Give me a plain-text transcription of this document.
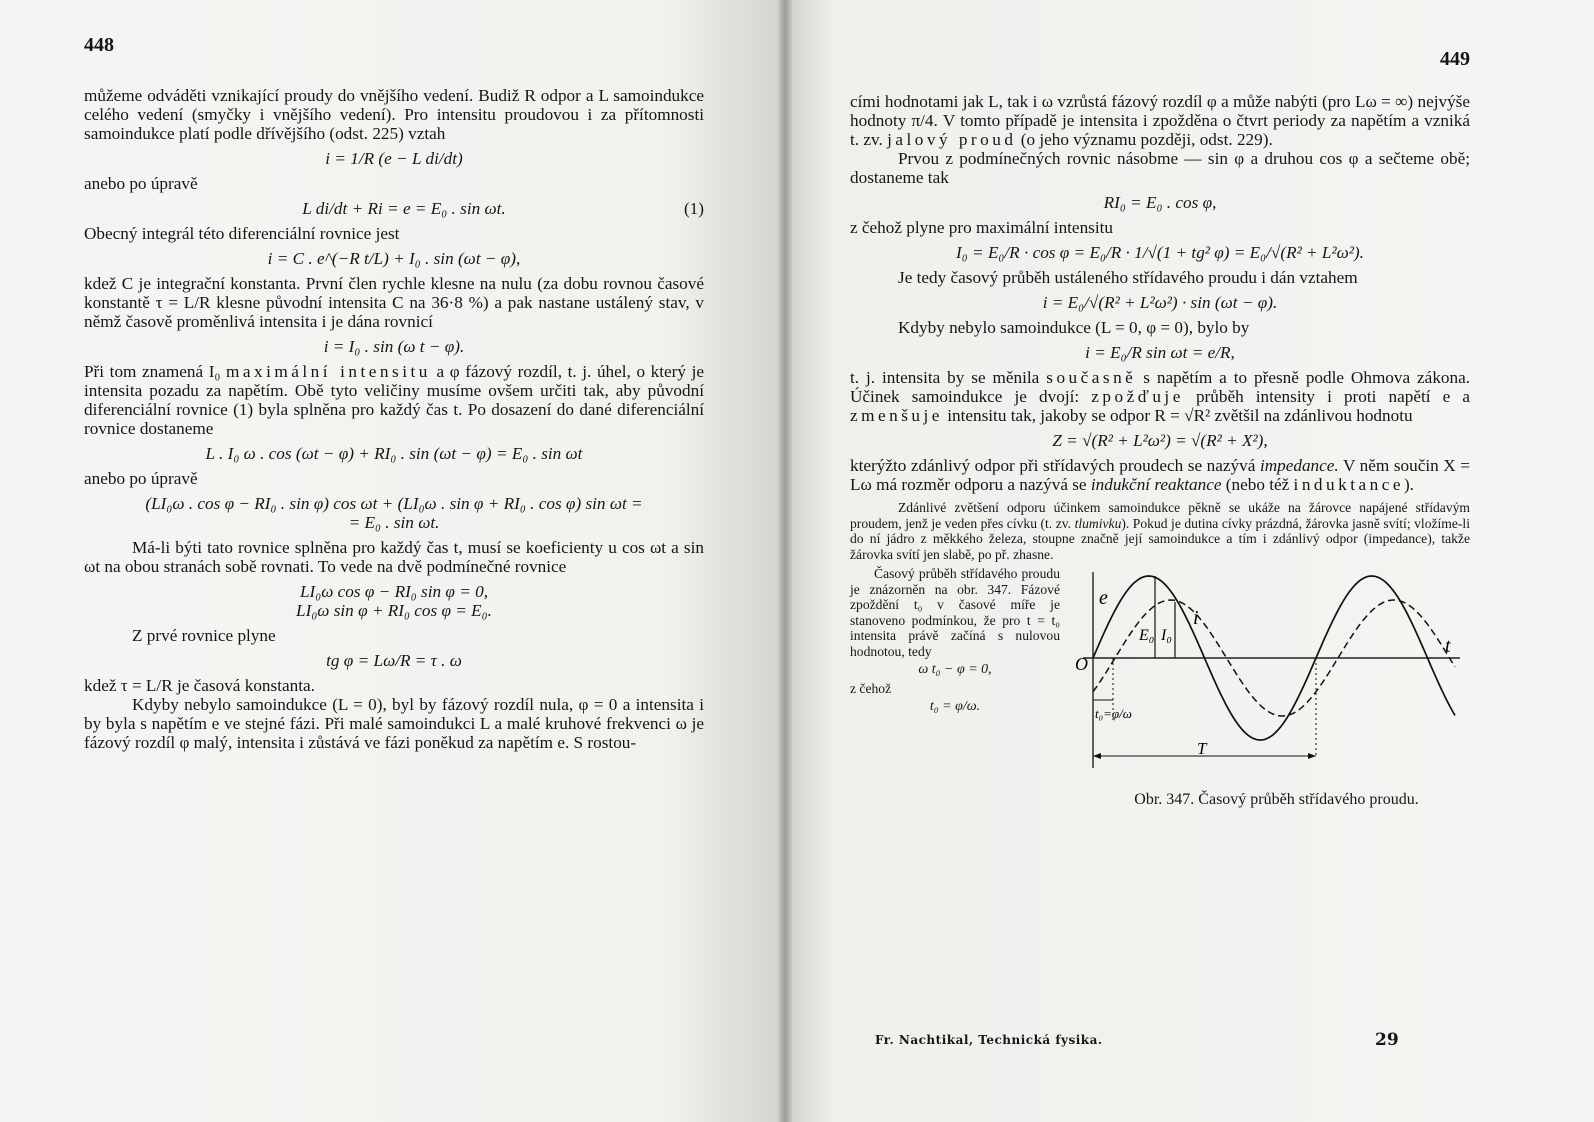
448

můžeme odváděti vznikající proudy do vnějšího vedení. Budiž R odpor a L samoindukce celého vedení (smyčky i vnějšího vedení). Pro intensitu proudovou i za přítomnosti samoindukce platí podle dřívějšího (odst. 225) vztah

i = 1/R (e − L di/dt)

anebo po úpravě

L di/dt + Ri = e = E₀ . sin ωt.	(1)

Obecný integrál této diferenciální rovnice jest

i = C . e^(−R t/L) + I₀ . sin (ωt − φ),

kdež C je integrační konstanta. První člen rychle klesne na nulu (za dobu rovnou časové konstantě τ = L/R klesne původní intensita C na 36·8 %) a pak nastane ustálený stav, v němž časově proměnlivá intensita i je dána rovnicí

i = I₀ . sin (ω t − φ).

Při tom znamená I₀ maximální intensitu a φ fázový rozdíl, t. j. úhel, o který je intensita pozadu za napětím. Obě tyto veličiny musíme ovšem určiti tak, aby původní diferenciální rovnice (1) byla splněna pro každý čas t. Po dosazení do dané diferenciální rovnice dostaneme

L . I₀ ω . cos (ωt − φ) + RI₀ . sin (ωt − φ) = E₀ . sin ωt

anebo po úpravě

(LI₀ω . cos φ − RI₀ . sin φ) cos ωt + (LI₀ω . sin φ + RI₀ . cos φ) sin ωt =
= E₀ . sin ωt.

Má-li býti tato rovnice splněna pro každý čas t, musí se koeficienty u cos ωt a sin ωt na obou stranách sobě rovnati. To vede na dvě podmínečné rovnice

LI₀ω cos φ − RI₀ sin φ = 0,
LI₀ω sin φ + RI₀ cos φ = E₀.

Z prvé rovnice plyne

tg φ = Lω/R = τ . ω

kdež τ = L/R je časová konstanta.

Kdyby nebylo samoindukce (L = 0), byl by fázový rozdíl nula, φ = 0 a intensita i by byla s napětím e ve stejné fázi. Při malé samoindukci L a malé kruhové frekvenci ω je fázový rozdíl φ malý, intensita i zůstává ve fázi poněkud za napětím e. S rostou-

449

cími hodnotami jak L, tak i ω vzrůstá fázový rozdíl φ a může nabýti (pro Lω = ∞) nejvýše hodnoty π/4. V tomto případě je intensita i zpožděna o čtvrt periody za napětím a vzniká t. zv. jalový proud (o jeho významu později, odst. 229).

Prvou z podmínečných rovnic násobme — sin φ a druhou cos φ a sečteme obě; dostaneme tak

RI₀ = E₀ . cos φ,

z čehož plyne pro maximální intensitu

I₀ = E₀/R · cos φ = E₀/R · 1/√(1 + tg² φ) = E₀/√(R² + L²ω²).

Je tedy časový průběh ustáleného střídavého proudu i dán vztahem

i = E₀/√(R² + L²ω²) · sin (ωt − φ).

Kdyby nebylo samoindukce (L = 0, φ = 0), bylo by

i = E₀/R sin ωt = e/R,

t. j. intensita by se měnila současně s napětím a to přesně podle Ohmova zákona. Účinek samoindukce je dvojí: zpožďuje průběh intensity i proti napětí e a zmenšuje intensitu tak, jakoby se odpor R = √R² zvětšil na zdánlivou hodnotu

Z = √(R² + L²ω²) = √(R² + X²),

kterýžto zdánlivý odpor při střídavých proudech se nazývá impedance. V něm součin X = Lω má rozměr odporu a nazývá se indukční reaktance (nebo též induktance).

Zdánlivé zvětšení odporu účinkem samoindukce pěkně se ukáže na žárovce napájené střídavým proudem, jenž je veden přes cívku (t. zv. tlumivku). Pokud je dutina cívky prázdná, žárovka jasně svítí; vložíme-li do ní jádro z měkkého železa, stoupne značně její samoindukce a tím i zdánlivý odpor (impedance), takže žárovka svítí jen slabě, po př. zhasne.

Časový průběh střídavého proudu je znázorněn na obr. 347. Fázové zpoždění t₀ v časové míře je stanoveno podmínkou, že pro t = t₀ intensita právě začíná s nulovou hodnotou, tedy

ω t₀ − φ = 0,

z čehož

t₀ = φ/ω.
e
i
E₀ I₀
O
t
t₀=φ/ω
T
Obr. 347. Časový průběh střídavého proudu.
Fr. Nachtikal, Technická fysika.	29
